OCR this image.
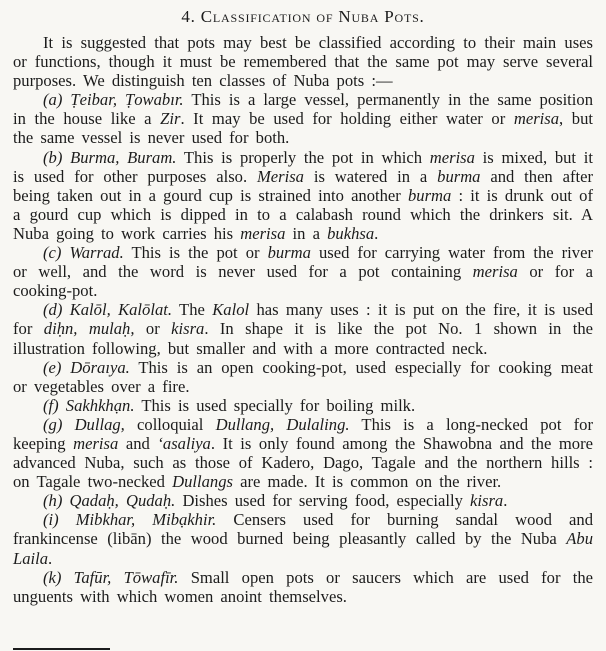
4. Classification of Nuba Pots.

It is suggested that pots may best be classified according to their main uses or functions, though it must be remembered that the same pot may serve several purposes. We distinguish ten classes of Nuba pots :—

(a) Ṭeibar, Ṭowabır. This is a large vessel, permanently in the same position in the house like a Zir. It may be used for holding either water or merisa, but the same vessel is never used for both.

(b) Burma, Buram. This is properly the pot in which merisa is mixed, but it is used for other purposes also. Merisa is watered in a burma and then after being taken out in a gourd cup is strained into another burma : it is drunk out of a gourd cup which is dipped in to a calabash round which the drinkers sit. A Nuba going to work carries his merisa in a bukhsa.

(c) Warrad. This is the pot or burma used for carrying water from the river or well, and the word is never used for a pot containing merisa or for a cooking-pot.

(d) Kalōl, Kalōlat. The Kalol has many uses : it is put on the fire, it is used for diḥn, mulaḥ, or kisra. In shape it is like the pot No. 1 shown in the illustration following, but smaller and with a more contracted neck.

(e) Dōraıya. This is an open cooking-pot, used especially for cooking meat or vegetables over a fire.

(f) Sakhkhạn. This is used specially for boiling milk.

(g) Dullag, colloquial Dullang, Dulaling. This is a long-necked pot for keeping merisa and ʻasaliya. It is only found among the Shawobna and the more advanced Nuba, such as those of Kadero, Dago, Tagale and the northern hills : on Tagale two-necked Dullangs are made. It is common on the river.

(h) Qadaḥ, Qudaḥ. Dishes used for serving food, especially kisra.

(i) Mibkhar, Mibạkhir. Censers used for burning sandal wood and frankincense (libān) the wood burned being pleasantly called by the Nuba Abu Laila.

(k) Tafūr, Tōwafīr. Small open pots or saucers which are used for the unguents with which women anoint themselves.
